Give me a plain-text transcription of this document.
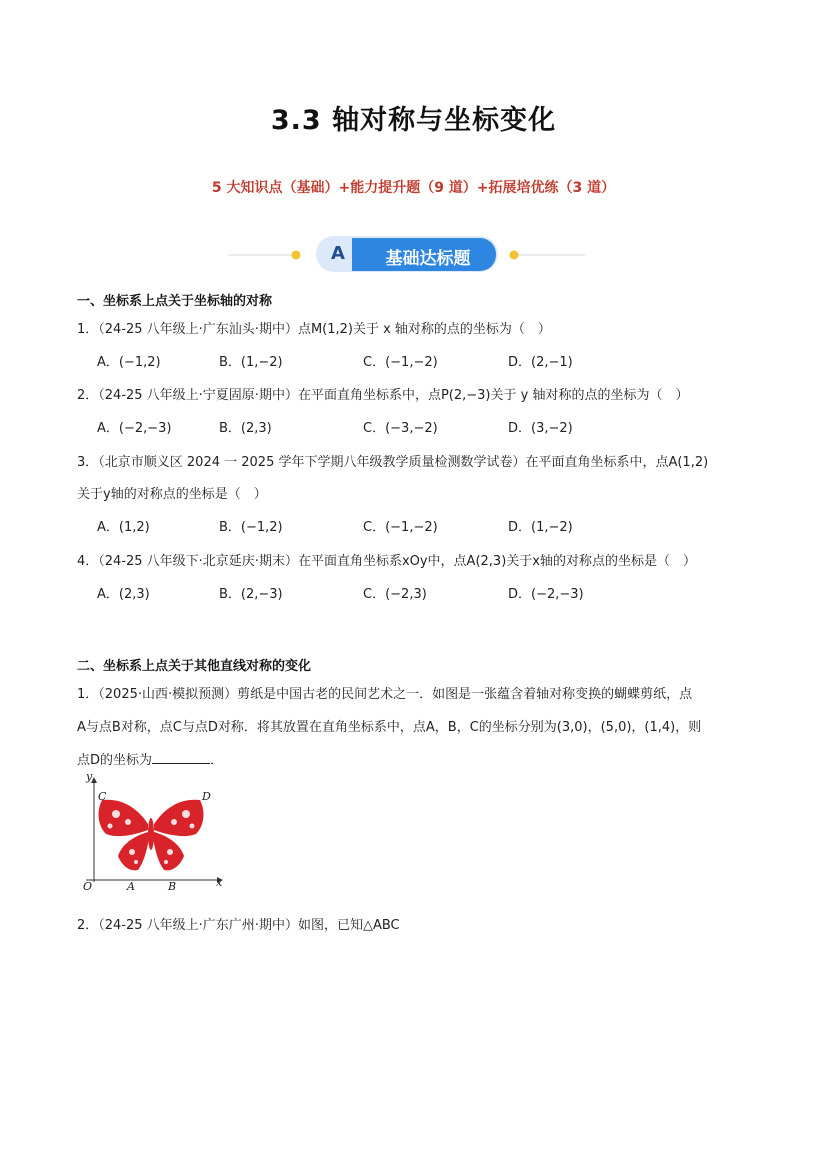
3.3 轴对称与坐标变化
5 大知识点（基础）+能力提升题（9 道）+拓展培优练（3 道）
A	基础达标题
一、坐标系上点关于坐标轴的对称
1．（24-25 八年级上·广东汕头·期中）点M(1,2)关于 x 轴对称的点的坐标为（　）
A．(−1,2)	B．(1,−2)	C．(−1,−2)	D．(2,−1)
2．（24-25 八年级上·宁夏固原·期中）在平面直角坐标系中，点P(2,−3)关于 y 轴对称的点的坐标为（　）
A．(−2,−3)	B．(2,3)	C．(−3,−2)	D．(3,−2)
3．（北京市顺义区 2024 一 2025 学年下学期八年级教学质量检测数学试卷）在平面直角坐标系中，点A(1,2)
关于y轴的对称点的坐标是（　）
A．(1,2)	B．(−1,2)	C．(−1,−2)	D．(1,−2)
4．（24-25 八年级下·北京延庆·期末）在平面直角坐标系xOy中，点A(2,3)关于x轴的对称点的坐标是（　）
A．(2,3)	B．(2,−3)	C．(−2,3)	D．(−2,−3)
二、坐标系上点关于其他直线对称的变化
1．（2025·山西·模拟预测）剪纸是中国古老的民间艺术之一．如图是一张蕴含着轴对称变换的蝴蝶剪纸，点
A与点B对称，点C与点D对称．将其放置在直角坐标系中，点A，B，C的坐标分别为(3,0)，(5,0)，(1,4)，则
点D的坐标为	．
y
x
O	A	B
C	D
2．（24-25 八年级上·广东广州·期中）如图，已知△ABC
